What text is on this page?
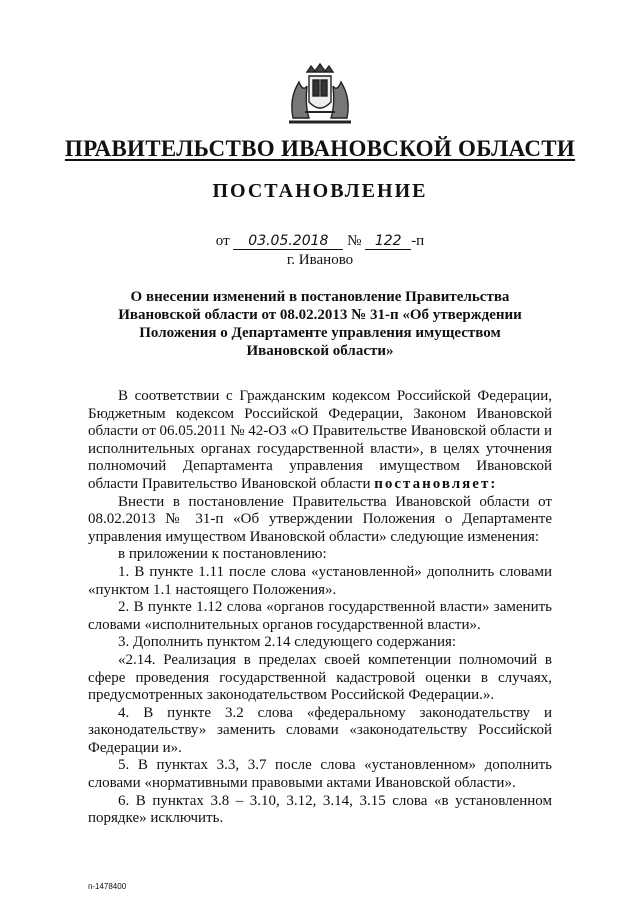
ПРАВИТЕЛЬСТВО ИВАНОВСКОЙ ОБЛАСТИ
ПОСТАНОВЛЕНИЕ
от 03.05.2018 № 122 -п
г. Иваново
О внесении изменений в постановление Правительства
Ивановской области от 08.02.2013 № 31-п «Об утверждении
Положения о Департаменте управления имуществом
Ивановской области»

В соответствии с Гражданским кодексом Российской Федерации, Бюджетным кодексом Российской Федерации, Законом Ивановской области от 06.05.2011 № 42-ОЗ «О Правительстве Ивановской области и исполнительных органах государственной власти», в целях уточнения полномочий Департамента управления имуществом Ивановской области Правительство Ивановской области постановляет:

Внести в постановление Правительства Ивановской области от 08.02.2013 № 31-п «Об утверждении Положения о Департаменте управления имуществом Ивановской области» следующие изменения:

в приложении к постановлению:

1. В пункте 1.11 после слова «установленной» дополнить словами «пунктом 1.1 настоящего Положения».

2. В пункте 1.12 слова «органов государственной власти» заменить словами «исполнительных органов государственной власти».

3. Дополнить пунктом 2.14 следующего содержания:

«2.14. Реализация в пределах своей компетенции полномочий в сфере проведения государственной кадастровой оценки в случаях, предусмотренных законодательством Российской Федерации.».

4. В пункте 3.2 слова «федеральному законодательству и законодательству» заменить словами «законодательству Российской Федерации и».

5. В пунктах 3.3, 3.7 после слова «установленном» дополнить словами «нормативными правовыми актами Ивановской области».

6. В пунктах 3.8 – 3.10, 3.12, 3.14, 3.15 слова «в установленном порядке» исключить.

п-1478400
